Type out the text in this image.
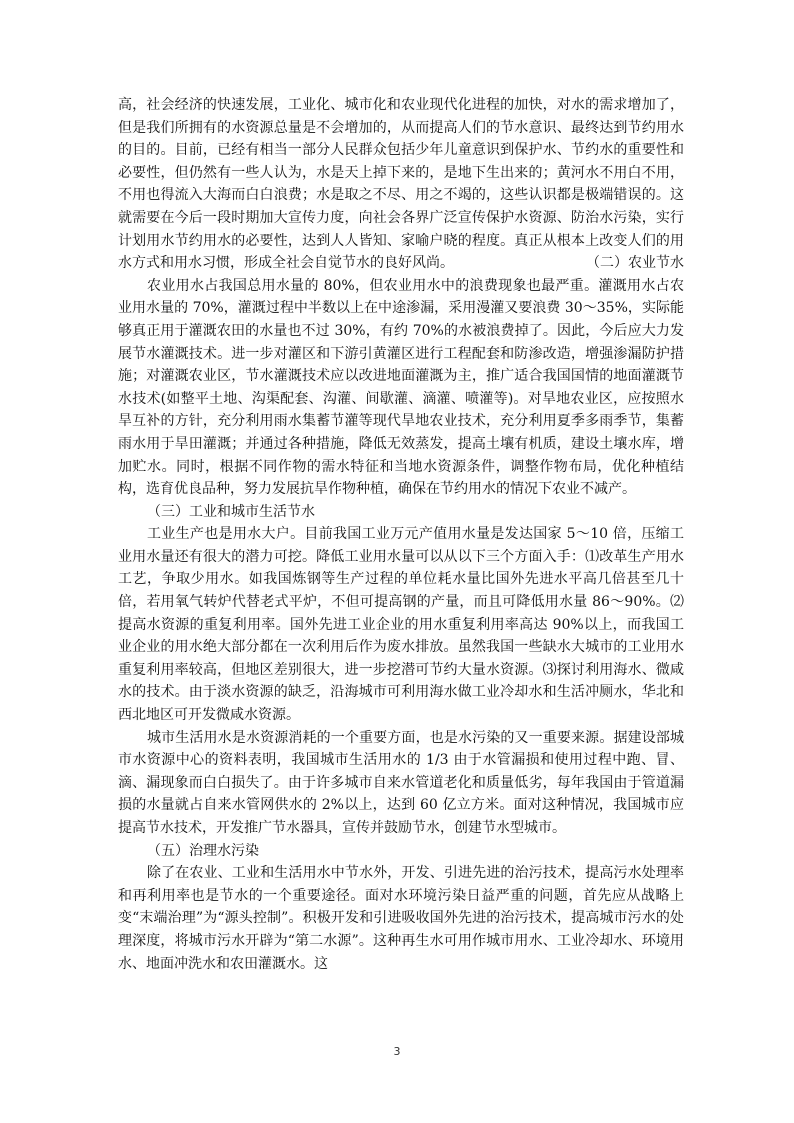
高，社会经济的快速发展，工业化、城市化和农业现代化进程的加快，对水的需求增加了，但是我们所拥有的水资源总量是不会增加的，从而提高人们的节水意识、最终达到节约用水的目的。目前，已经有相当一部分人民群众包括少年儿童意识到保护水、节约水的重要性和必要性，但仍然有一些人认为，水是天上掉下来的，是地下生出来的；黄河水不用白不用，不用也得流入大海而白白浪费；水是取之不尽、用之不竭的，这些认识都是极端错误的。这就需要在今后一段时期加大宣传力度，向社会各界广泛宣传保护水资源、防治水污染，实行计划用水节约用水的必要性，达到人人皆知、家喻户晓的程度。真正从根本上改变人们的用水方式和用水习惯，形成全社会自觉节水的良好风尚。	（二）农业节水

农业用水占我国总用水量的 80%，但农业用水中的浪费现象也最严重。灌溉用水占农业用水量的 70%，灌溉过程中半数以上在中途渗漏，采用漫灌又要浪费 30～35%，实际能够真正用于灌溉农田的水量也不过 30%，有约 70%的水被浪费掉了。因此，今后应大力发展节水灌溉技术。进一步对灌区和下游引黄灌区进行工程配套和防渗改造，增强渗漏防护措施；对灌溉农业区，节水灌溉技术应以改进地面灌溉为主，推广适合我国国情的地面灌溉节水技术(如整平土地、沟渠配套、沟灌、间歇灌、滴灌、喷灌等)。对旱地农业区，应按照水旱互补的方针，充分利用雨水集蓄节灌等现代旱地农业技术，充分利用夏季多雨季节，集蓄雨水用于旱田灌溉；并通过各种措施，降低无效蒸发，提高土壤有机质，建设土壤水库，增加贮水。同时，根据不同作物的需水特征和当地水资源条件，调整作物布局，优化种植结构，选育优良品种，努力发展抗旱作物种植，确保在节约用水的情况下农业不减产。

（三）工业和城市生活节水

工业生产也是用水大户。目前我国工业万元产值用水量是发达国家 5～10 倍，压缩工业用水量还有很大的潜力可挖。降低工业用水量可以从以下三个方面入手：⑴改革生产用水工艺，争取少用水。如我国炼钢等生产过程的单位耗水量比国外先进水平高几倍甚至几十倍，若用氧气转炉代替老式平炉，不但可提高钢的产量，而且可降低用水量 86～90%。⑵提高水资源的重复利用率。国外先进工业企业的用水重复利用率高达 90%以上，而我国工业企业的用水绝大部分都在一次利用后作为废水排放。虽然我国一些缺水大城市的工业用水重复利用率较高，但地区差别很大，进一步挖潜可节约大量水资源。⑶探讨利用海水、微咸水的技术。由于淡水资源的缺乏，沿海城市可利用海水做工业冷却水和生活冲厕水，华北和西北地区可开发微咸水资源。

城市生活用水是水资源消耗的一个重要方面，也是水污染的又一重要来源。据建设部城市水资源中心的资料表明，我国城市生活用水的 1/3 由于水管漏损和使用过程中跑、冒、滴、漏现象而白白损失了。由于许多城市自来水管道老化和质量低劣，每年我国由于管道漏损的水量就占自来水管网供水的 2%以上，达到 60 亿立方米。面对这种情况，我国城市应提高节水技术，开发推广节水器具，宣传并鼓励节水，创建节水型城市。

（五）治理水污染

除了在农业、工业和生活用水中节水外，开发、引进先进的治污技术，提高污水处理率和再利用率也是节水的一个重要途径。面对水环境污染日益严重的问题，首先应从战略上变“末端治理”为“源头控制”。积极开发和引进吸收国外先进的治污技术，提高城市污水的处理深度，将城市污水开辟为“第二水源”。这种再生水可用作城市用水、工业冷却水、环境用水、地面冲洗水和农田灌溉水。这

3
